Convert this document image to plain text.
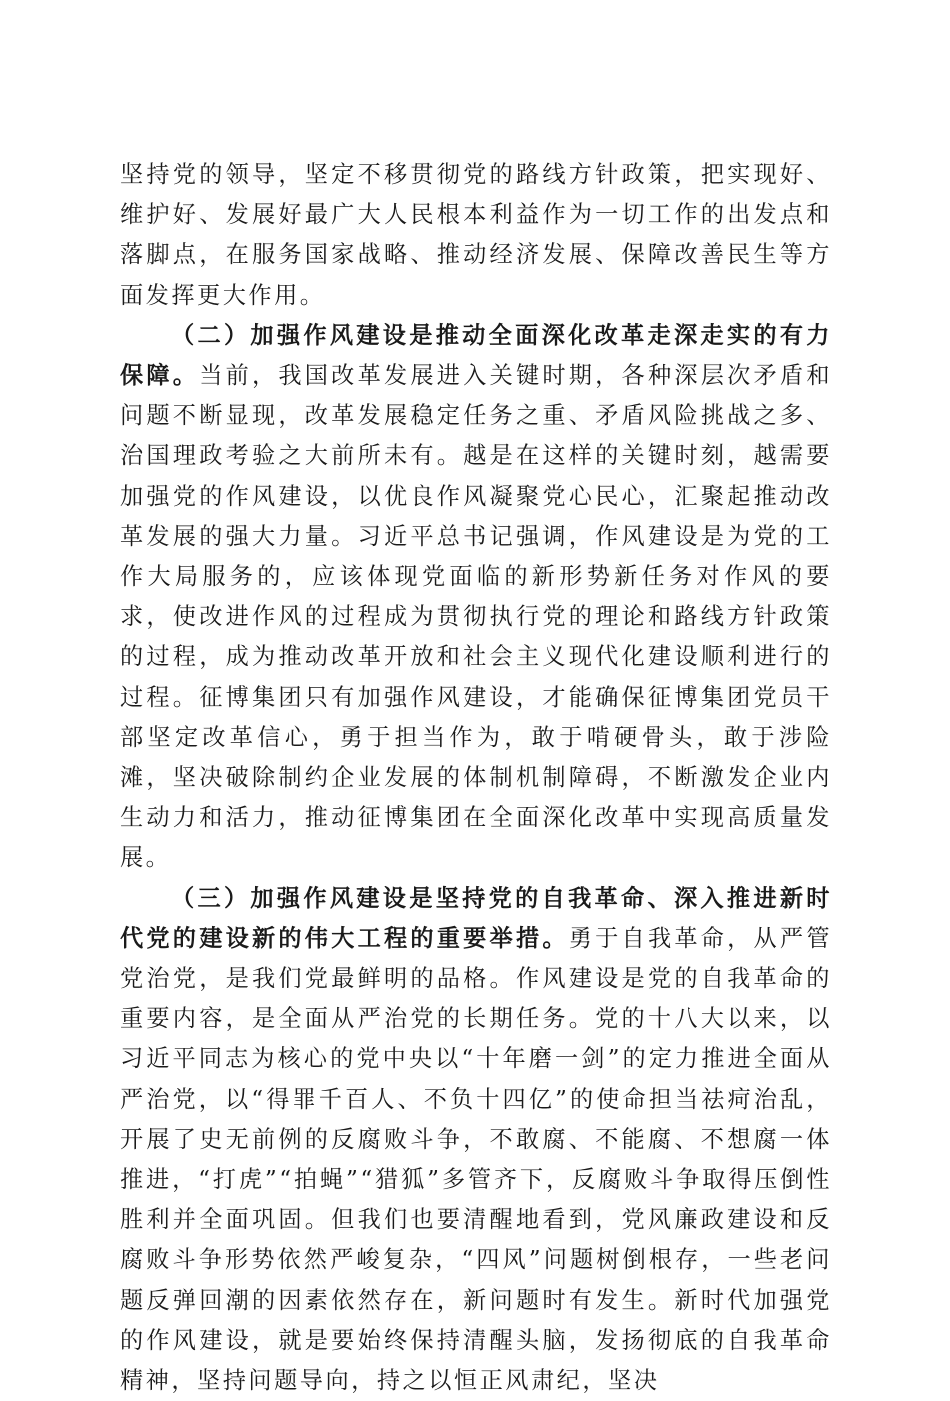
坚持党的领导，坚定不移贯彻党的路线方针政策，把实现好、维护好、发展好最广大人民根本利益作为一切工作的出发点和落脚点，在服务国家战略、推动经济发展、保障改善民生等方面发挥更大作用。

（二）加强作风建设是推动全面深化改革走深走实的有力保障。当前，我国改革发展进入关键时期，各种深层次矛盾和问题不断显现，改革发展稳定任务之重、矛盾风险挑战之多、治国理政考验之大前所未有。越是在这样的关键时刻，越需要加强党的作风建设，以优良作风凝聚党心民心，汇聚起推动改革发展的强大力量。习近平总书记强调，作风建设是为党的工作大局服务的，应该体现党面临的新形势新任务对作风的要求，使改进作风的过程成为贯彻执行党的理论和路线方针政策的过程，成为推动改革开放和社会主义现代化建设顺利进行的过程。征博集团只有加强作风建设，才能确保征博集团党员干部坚定改革信心，勇于担当作为，敢于啃硬骨头，敢于涉险滩，坚决破除制约企业发展的体制机制障碍，不断激发企业内生动力和活力，推动征博集团在全面深化改革中实现高质量发展。

（三）加强作风建设是坚持党的自我革命、深入推进新时代党的建设新的伟大工程的重要举措。勇于自我革命，从严管党治党，是我们党最鲜明的品格。作风建设是党的自我革命的重要内容，是全面从严治党的长期任务。党的十八大以来，以习近平同志为核心的党中央以“十年磨一剑”的定力推进全面从严治党，以“得罪千百人、不负十四亿”的使命担当祛疴治乱，开展了史无前例的反腐败斗争，不敢腐、不能腐、不想腐一体推进，“打虎”“拍蝇”“猎狐”多管齐下，反腐败斗争取得压倒性胜利并全面巩固。但我们也要清醒地看到，党风廉政建设和反腐败斗争形势依然严峻复杂，“四风”问题树倒根存，一些老问题反弹回潮的因素依然存在，新问题时有发生。新时代加强党的作风建设，就是要始终保持清醒头脑，发扬彻底的自我革命精神，坚持问题导向，持之以恒正风肃纪，坚决
